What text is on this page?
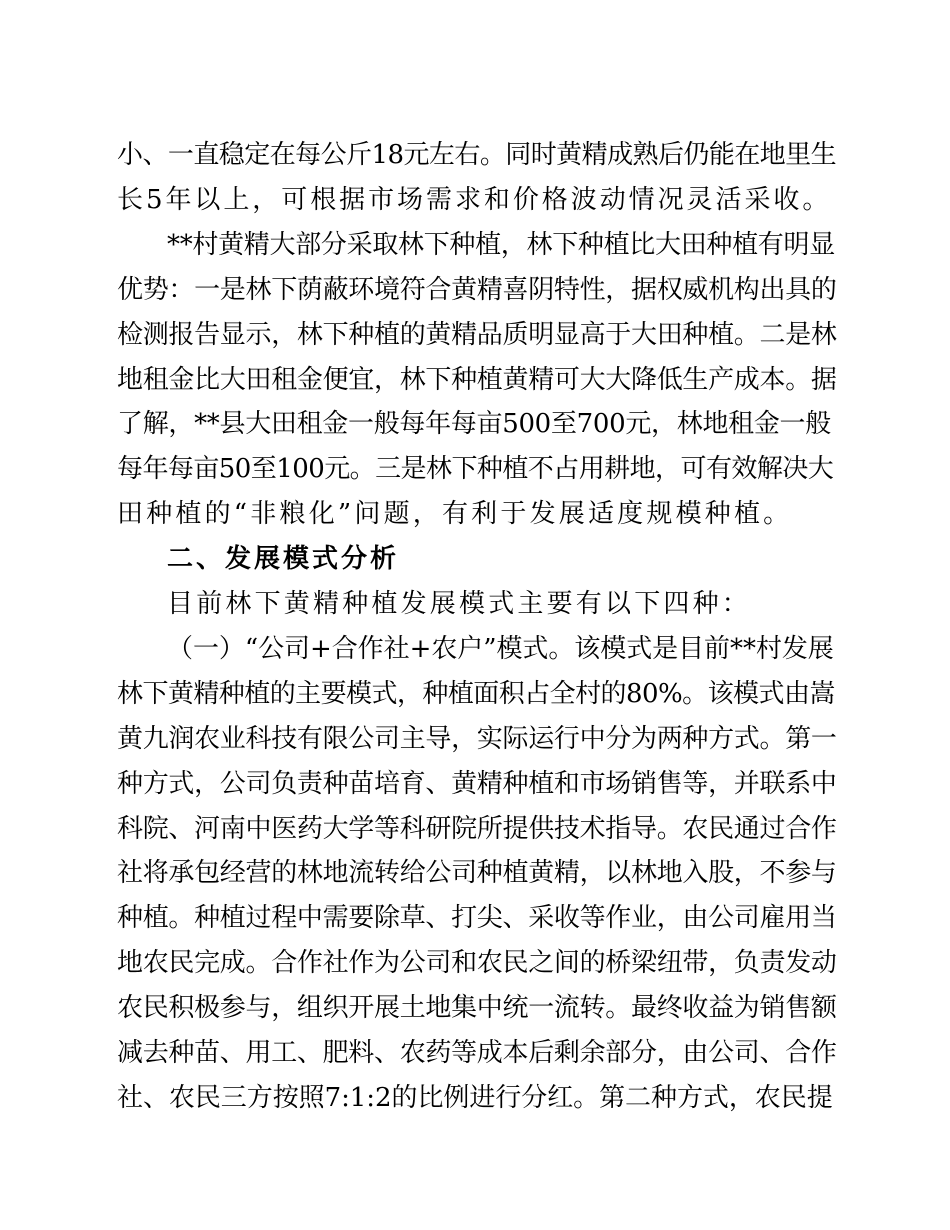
小、一直稳定在每公斤18元左右。同时黄精成熟后仍能在地里生
长5年以上，可根据市场需求和价格波动情况灵活采收。
**村黄精大部分采取林下种植，林下种植比大田种植有明显
优势：一是林下荫蔽环境符合黄精喜阴特性，据权威机构出具的
检测报告显示，林下种植的黄精品质明显高于大田种植。二是林
地租金比大田租金便宜，林下种植黄精可大大降低生产成本。据
了解，**县大田租金一般每年每亩500至700元，林地租金一般
每年每亩50至100元。三是林下种植不占用耕地，可有效解决大
田种植的“非粮化”问题，有利于发展适度规模种植。
二、发展模式分析
目前林下黄精种植发展模式主要有以下四种：
（一）“公司+合作社+农户”模式。该模式是目前**村发展
林下黄精种植的主要模式，种植面积占全村的80%。该模式由嵩
黄九润农业科技有限公司主导，实际运行中分为两种方式。第一
种方式，公司负责种苗培育、黄精种植和市场销售等，并联系中
科院、河南中医药大学等科研院所提供技术指导。农民通过合作
社将承包经营的林地流转给公司种植黄精，以林地入股，不参与
种植。种植过程中需要除草、打尖、采收等作业，由公司雇用当
地农民完成。合作社作为公司和农民之间的桥梁纽带，负责发动
农民积极参与，组织开展土地集中统一流转。最终收益为销售额
减去种苗、用工、肥料、农药等成本后剩余部分，由公司、合作
社、农民三方按照7:1:2的比例进行分红。第二种方式，农民提
